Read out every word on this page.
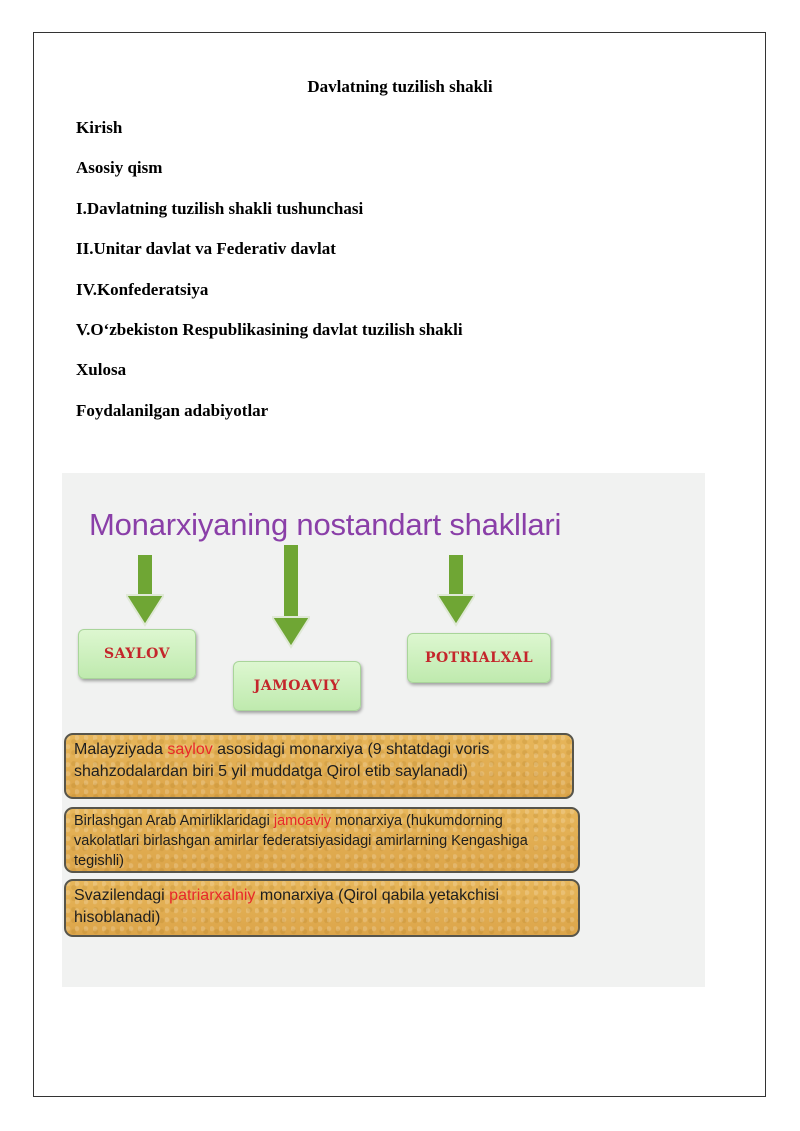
Davlatning tuzilish shakli
Kirish
Asosiy qism
I.Davlatning tuzilish shakli tushunchasi
II.Unitar davlat va Federativ davlat
IV.Konfederatsiya
V.O‘zbekiston Respublikasining davlat tuzilish shakli
Xulosa
Foydalanilgan adabiyotlar
Monarxiyaning nostandart shakllari
SAYLOV
JAMOAVIY
POTRIALXAL
Malayziyada saylov asosidagi monarxiya (9 shtatdagi voris shahzodalardan biri 5 yil muddatga Qirol etib saylanadi)
Birlashgan Arab Amirliklaridagi jamoaviy monarxiya (hukumdorning vakolatlari birlashgan amirlar federatsiyasidagi amirlarning Kengashiga tegishli)
Svazilendagi patriarxalniy monarxiya (Qirol qabila yetakchisi hisoblanadi)
